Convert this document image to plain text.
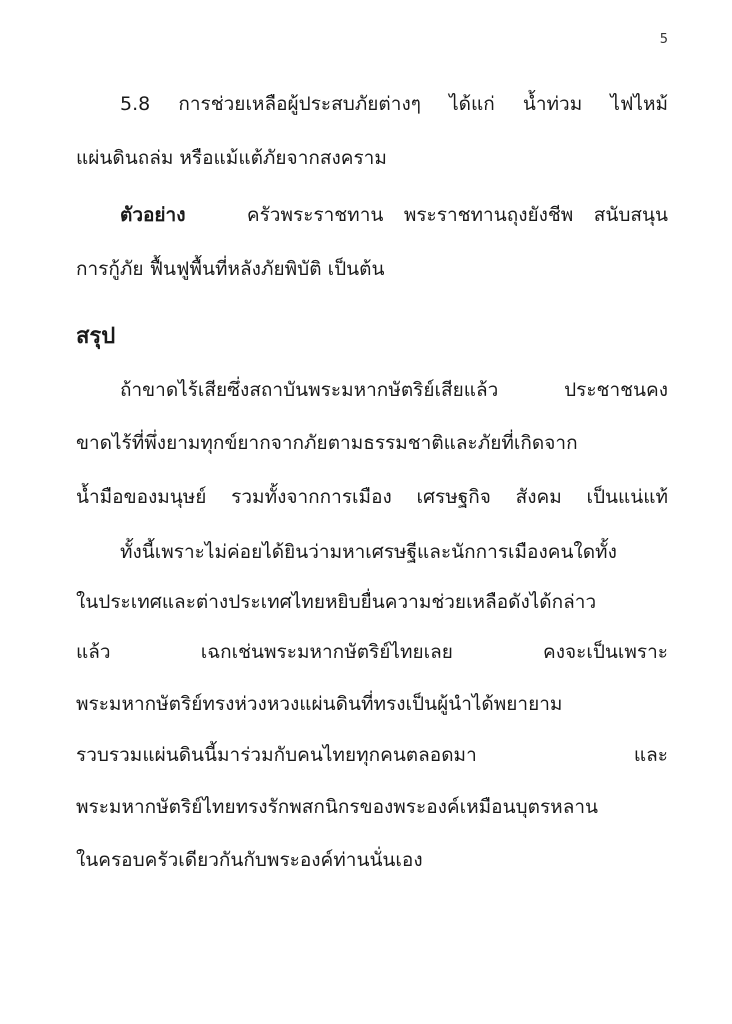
5
5.8 การช่วยเหลือผู้ประสบภัยต่างๆ ได้แก่ น้ำท่วม ไฟไหม้
แผ่นดินถล่ม หรือแม้แต้ภัยจากสงคราม
ตัวอย่าง	ครัวพระราชทาน พระราชทานถุงยังชีพ สนับสนุน
การกู้ภัย ฟื้นฟูพื้นที่หลังภัยพิบัติ เป็นต้น
สรุป
ถ้าขาดไร้เสียซึ่งสถาบันพระมหากษัตริย์เสียแล้ว ประชาชนคง
ขาดไร้ที่พึ่งยามทุกข์ยากจากภัยตามธรรมชาติและภัยที่เกิดจาก
น้ำมือของมนุษย์ รวมทั้งจากการเมือง เศรษฐกิจ สังคม เป็นแน่แท้
ทั้งนี้เพราะไม่ค่อยได้ยินว่ามหาเศรษฐีและนักการเมืองคนใดทั้ง
ในประเทศและต่างประเทศไทยหยิบยื่นความช่วยเหลือดังได้กล่าว
แล้ว เฉกเช่นพระมหากษัตริย์ไทยเลย คงจะเป็นเพราะ
พระมหากษัตริย์ทรงห่วงหวงแผ่นดินที่ทรงเป็นผู้นำได้พยายาม
รวบรวมแผ่นดินนี้มาร่วมกับคนไทยทุกคนตลอดมา และ
พระมหากษัตริย์ไทยทรงรักพสกนิกรของพระองค์เหมือนบุตรหลาน
ในครอบครัวเดียวกันกับพระองค์ท่านนั่นเอง
